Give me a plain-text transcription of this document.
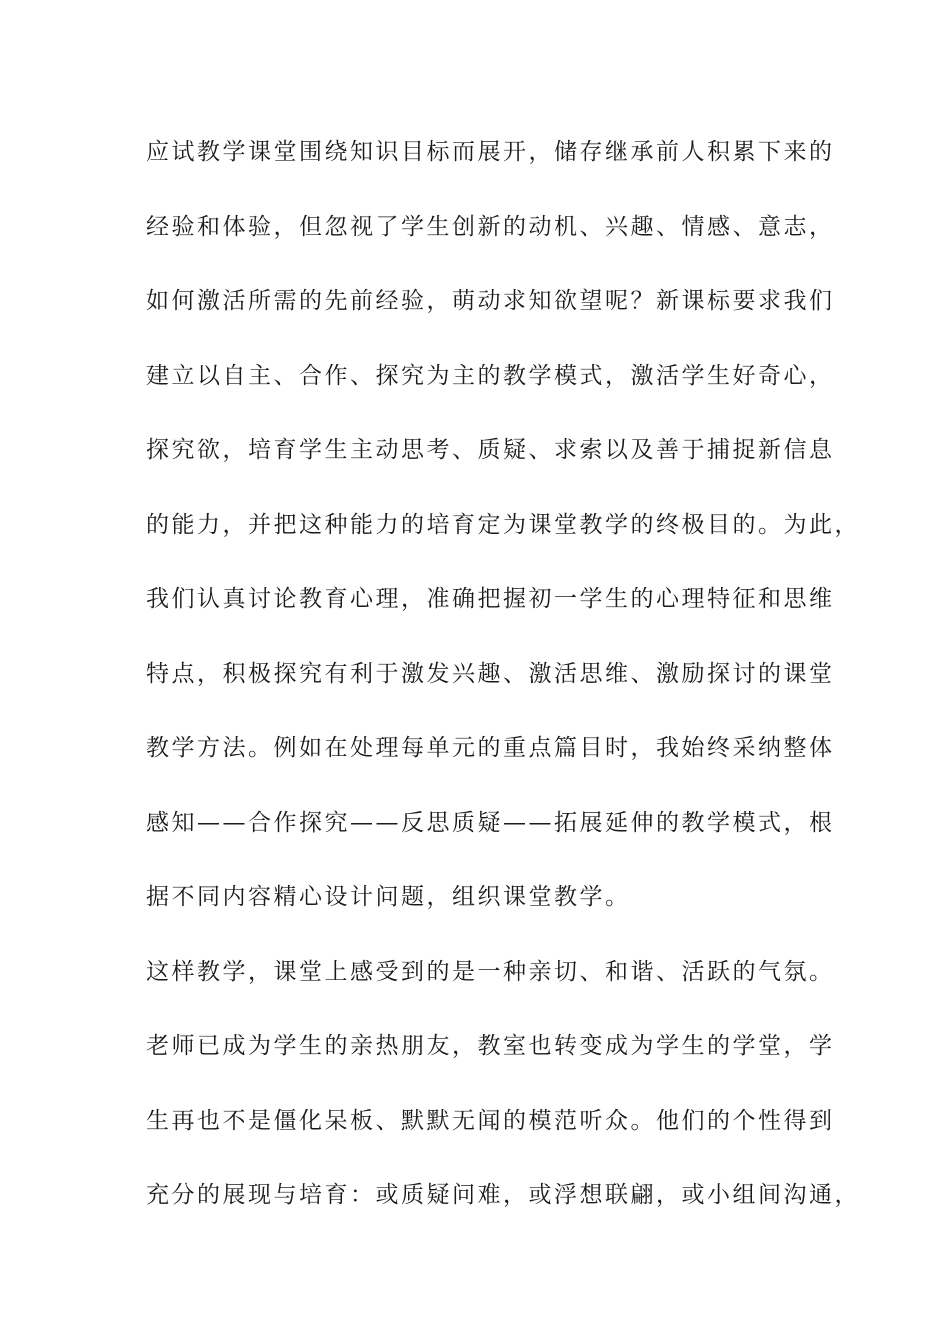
应试教学课堂围绕知识目标而展开，储存继承前人积累下来的
经验和体验，但忽视了学生创新的动机、兴趣、情感、意志，
如何激活所需的先前经验，萌动求知欲望呢？新课标要求我们
建立以自主、合作、探究为主的教学模式，激活学生好奇心，
探究欲，培育学生主动思考、质疑、求索以及善于捕捉新信息
的能力，并把这种能力的培育定为课堂教学的终极目的。为此，
我们认真讨论教育心理，准确把握初一学生的心理特征和思维
特点，积极探究有利于激发兴趣、激活思维、激励探讨的课堂
教学方法。例如在处理每单元的重点篇目时，我始终采纳整体
感知——合作探究——反思质疑——拓展延伸的教学模式，根
据不同内容精心设计问题，组织课堂教学。
这样教学，课堂上感受到的是一种亲切、和谐、活跃的气氛。
老师已成为学生的亲热朋友，教室也转变成为学生的学堂，学
生再也不是僵化呆板、默默无闻的模范听众。他们的个性得到
充分的展现与培育：或质疑问难，或浮想联翩，或小组间沟通，
